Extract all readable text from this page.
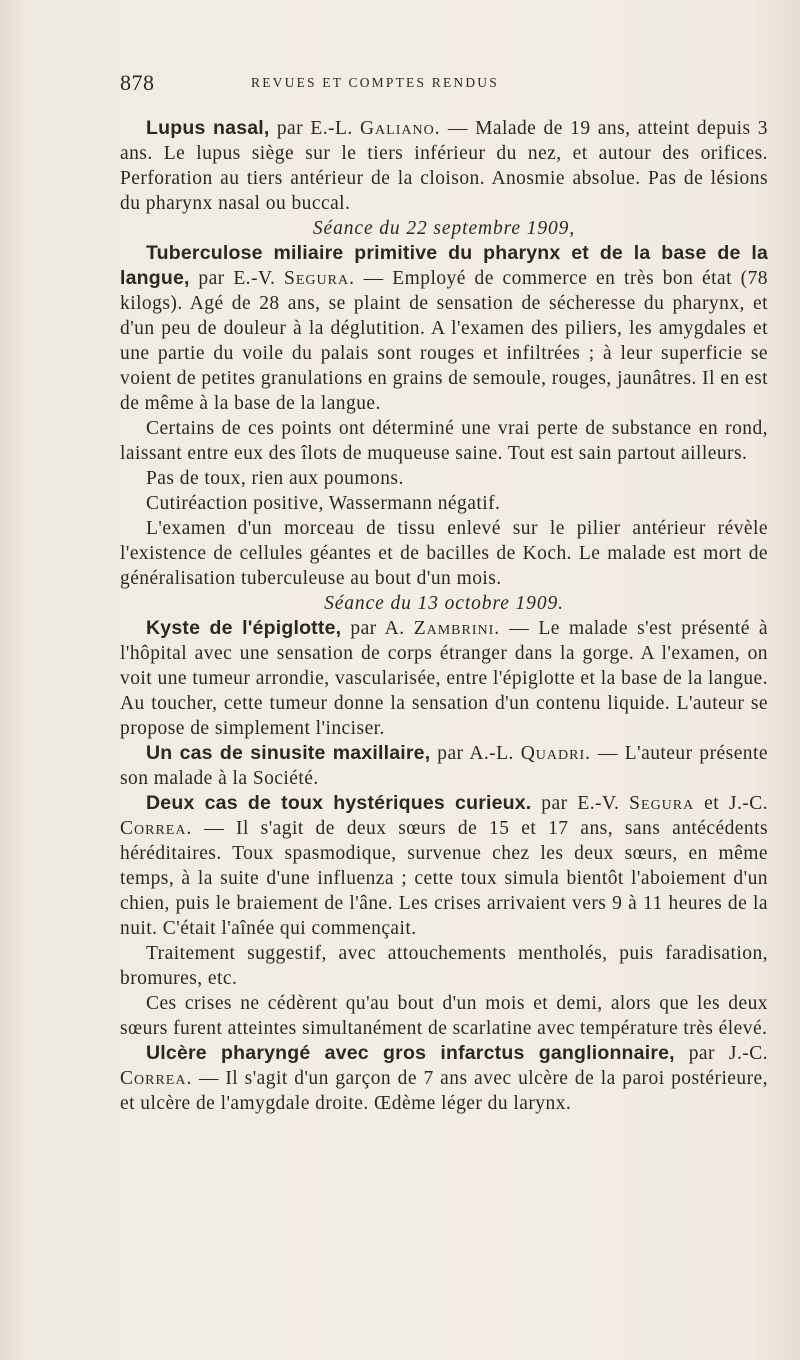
878	REVUES ET COMPTES RENDUS

Lupus nasal, par E.-L. Galiano. — Malade de 19 ans, atteint depuis 3 ans. Le lupus siège sur le tiers inférieur du nez, et autour des orifices. Perforation au tiers antérieur de la cloison. Anosmie absolue. Pas de lésions du pharynx nasal ou buccal.

Séance du 22 septembre 1909,

Tuberculose miliaire primitive du pharynx et de la base de la langue, par E.-V. Segura. — Employé de commerce en très bon état (78 kilogs). Agé de 28 ans, se plaint de sensation de sécheresse du pharynx, et d'un peu de douleur à la déglutition. A l'examen des piliers, les amygdales et une partie du voile du palais sont rouges et infiltrées ; à leur superficie se voient de petites granulations en grains de semoule, rouges, jaunâtres. Il en est de même à la base de la langue.

Certains de ces points ont déterminé une vrai perte de substance en rond, laissant entre eux des îlots de muqueuse saine. Tout est sain partout ailleurs.

Pas de toux, rien aux poumons.

Cutiréaction positive, Wassermann négatif.

L'examen d'un morceau de tissu enlevé sur le pilier antérieur révèle l'existence de cellules géantes et de bacilles de Koch. Le malade est mort de généralisation tuberculeuse au bout d'un mois.

Séance du 13 octobre 1909.

Kyste de l'épiglotte, par A. Zambrini. — Le malade s'est présenté à l'hôpital avec une sensation de corps étranger dans la gorge. A l'examen, on voit une tumeur arrondie, vascularisée, entre l'épiglotte et la base de la langue. Au toucher, cette tumeur donne la sensation d'un contenu liquide. L'auteur se propose de simplement l'inciser.

Un cas de sinusite maxillaire, par A.-L. Quadri. — L'auteur présente son malade à la Société.

Deux cas de toux hystériques curieux. par E.-V. Segura et J.-C. Correa. — Il s'agit de deux sœurs de 15 et 17 ans, sans antécédents héréditaires. Toux spasmodique, survenue chez les deux sœurs, en même temps, à la suite d'une influenza ; cette toux simula bientôt l'aboiement d'un chien, puis le braiement de l'âne. Les crises arrivaient vers 9 à 11 heures de la nuit. C'était l'aînée qui commençait.

Traitement suggestif, avec attouchements mentholés, puis faradisation, bromures, etc.

Ces crises ne cédèrent qu'au bout d'un mois et demi, alors que les deux sœurs furent atteintes simultanément de scarlatine avec température très élevé.

Ulcère pharyngé avec gros infarctus ganglionnaire, par J.-C. Correa. — Il s'agit d'un garçon de 7 ans avec ulcère de la paroi postérieure, et ulcère de l'amygdale droite. Œdème léger du larynx.
